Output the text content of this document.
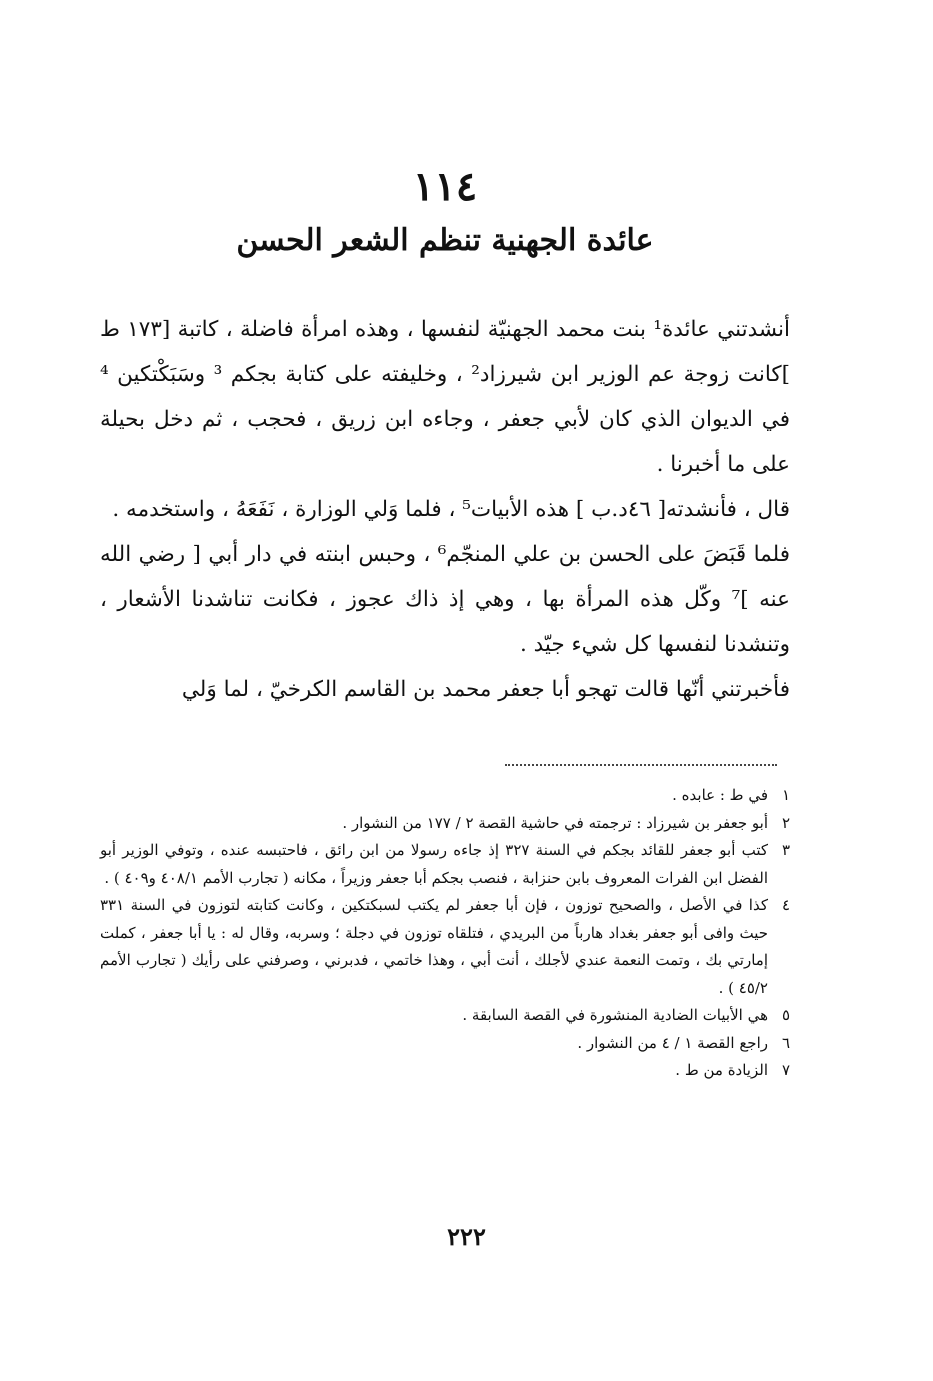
١١٤
عائدة الجهنية تنظم الشعر الحسن

أنشدتني عائدة¹ بنت محمد الجهنيّة لنفسها ، وهذه امرأة فاضلة ، كاتبة [١٧٣ ط ]كانت زوجة عم الوزير ابن شيرزاد² ، وخليفته على كتابة بجكم ³ وسَبَكْتكين ⁴ في الديوان الذي كان لأبي جعفر ، وجاءه ابن زريق ، فحجب ، ثم دخل بحيلة على ما أخبرنا .

قال ، فأنشدته[ ٤٦د.ب ] هذه الأبيات⁵ ، فلما وَلي الوزارة ، نَفَعَهُ ، واستخدمه .

فلما قَبَضَ على الحسن بن علي المنجّم⁶ ، وحبس ابنته في دار أبي [ رضي الله عنه ]⁷ وكّل هذه المرأة بها ، وهي إذ ذاك عجوز ، فكانت تناشدنا الأشعار ، وتنشدنا لنفسها كل شيء جيّد .

فأخبرتني أنّها قالت تهجو أبا جعفر محمد بن القاسم الكرخيّ ، لما وَلي

١
في ط : عابده .
٢
أبو جعفر بن شيرزاد : ترجمته في حاشية القصة ٢ / ١٧٧ من النشوار .
٣
كتب أبو جعفر للقائد بجكم في السنة ٣٢٧ إذ جاءه رسولا من ابن رائق ، فاحتبسه عنده ، وتوفي الوزير أبو الفضل ابن الفرات المعروف بابن حنزابة ، فنصب بجكم أبا جعفر وزيراً ، مكانه ( تجارب الأمم ٤٠٨/١ و٤٠٩ ) .
٤
كذا في الأصل ، والصحيح توزون ، فإن أبا جعفر لم يكتب لسبكتكين ، وكانت كتابته لتوزون في السنة ٣٣١ حيث وافى أبو جعفر بغداد هارباً من البريدي ، فتلقاه توزون في دجلة ؛ وسربه، وقال له : يا أبا جعفر ، كملت إمارتي بك ، وتمت النعمة عندي لأجلك ، أنت أبي ، وهذا خاتمي ، فدبرني ، وصرفني على رأيك ( تجارب الأمم ٤٥/٢ ) .
٥
هي الأبيات الضادية المنشورة في القصة السابقة .
٦
راجع القصة ١ / ٤ من النشوار .
٧
الزيادة من ط .
٢٢٢
